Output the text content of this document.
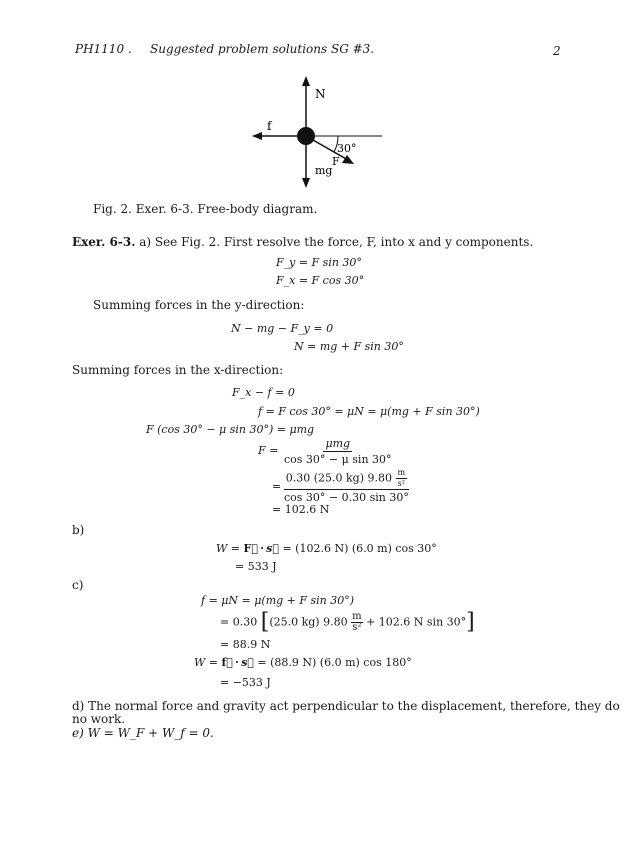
PH1110 . Suggested problem solutions SG #3.	2
N
f
30°
F
mg
Fig. 2. Exer. 6-3. Free-body diagram.
Exer. 6-3. a) See Fig. 2. First resolve the force, F, into x and y components.
F_y = F sin 30°
F_x = F cos 30°
Summing forces in the y-direction:
N − mg − F_y = 0
N = mg + F sin 30°
Summing forces in the x-direction:
F_x − f = 0
f = F cos 30° = μN = μ(mg + F sin 30°)
F (cos 30° − μ sin 30°) = μmg
$F = \frac{\text{μmg}}{\text{cos 30° − μ sin 30°}}$
= $\frac{0.30 (25.0 kg) 9.80 \frac{m}{\text{s²}}}{\cos 30^\circ - 0.30 \sin 30^\circ}$
= 102.6 N
b)
W = F⃗ · s⃗ = (102.6 N) (6.0 m) cos 30°
= 533 J
c)
f = μN = μ(mg + F sin 30°)
= 0.30 [(25.0 kg) $9.80 \frac{m}{\text{s²}} + 102.6$ N sin 30°]
= 88.9 N
W = f⃗ · s⃗ = (88.9 N) (6.0 m) cos 180°
= −533 J
d) The normal force and gravity act perpendicular to the displacement, therefore, they do
no work.
e) W = W_F + W_f = 0.
